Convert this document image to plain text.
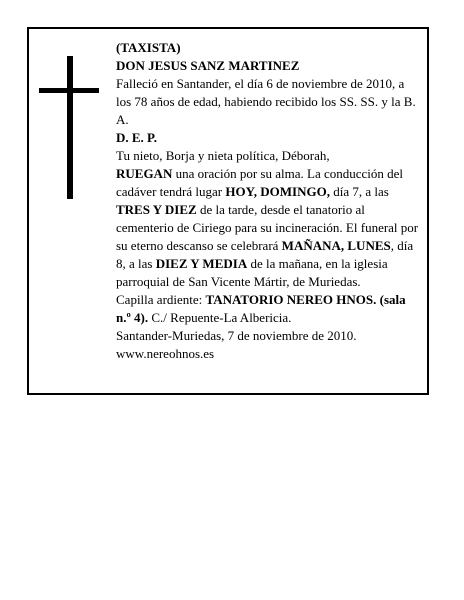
(TAXISTA)

DON JESUS SANZ MARTINEZ

Falleció en Santander, el día 6 de noviembre de 2010, a los 78 años de edad, habiendo recibido los SS. SS. y la B. A.

D. E. P.

Tu nieto, Borja y nieta política, Déborah,

RUEGAN una oración por su alma. La conducción del cadáver tendrá lugar HOY, DOMINGO, día 7, a las TRES Y DIEZ de la tarde, desde el tanatorio al cementerio de Ciriego para su incineración. El funeral por su eterno descanso se celebrará MAÑANA, LUNES, día 8, a las DIEZ Y MEDIA de la mañana, en la iglesia parroquial de San Vicente Mártir, de Muriedas.

Capilla ardiente: TANATORIO NEREO HNOS. (sala n.º 4). C./ Repuente-La Albericia.

Santander-Muriedas, 7 de noviembre de 2010.

www.nereohnos.es
